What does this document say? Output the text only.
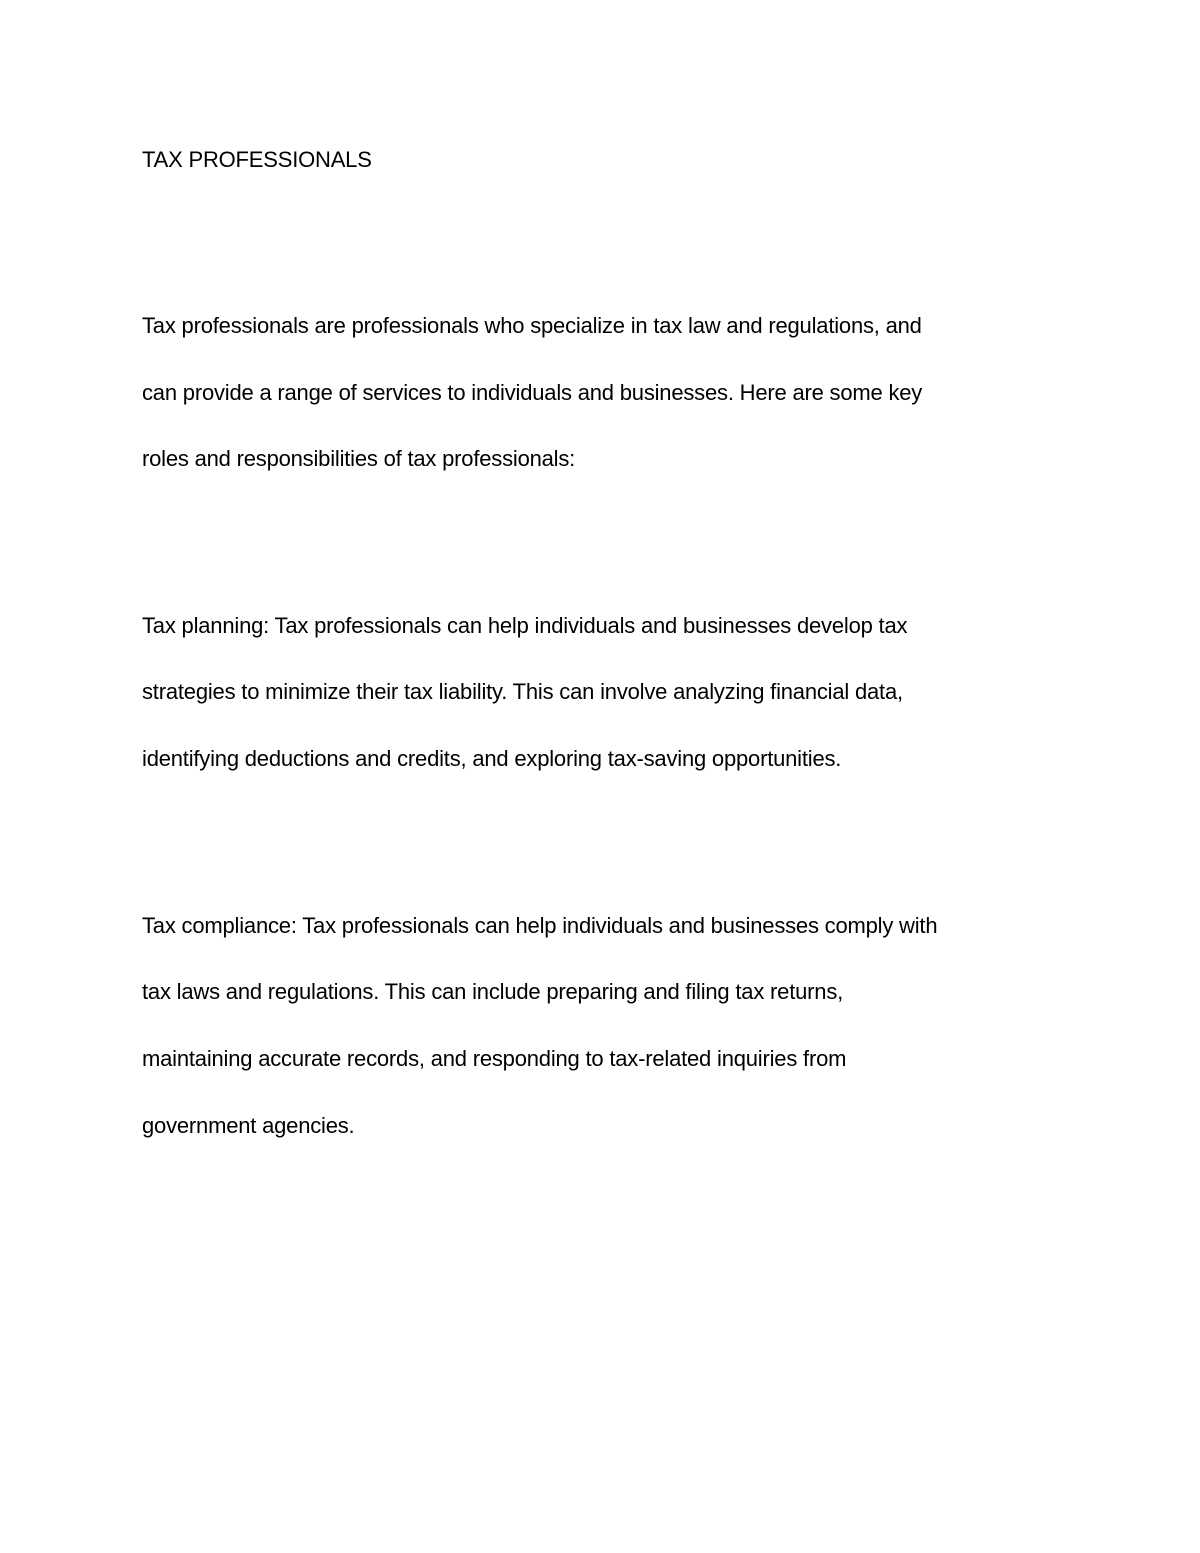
TAX PROFESSIONALS

Tax professionals are professionals who specialize in tax law and regulations, and

can provide a range of services to individuals and businesses. Here are some key

roles and responsibilities of tax professionals:

Tax planning: Tax professionals can help individuals and businesses develop tax

strategies to minimize their tax liability. This can involve analyzing financial data,

identifying deductions and credits, and exploring tax-saving opportunities.

Tax compliance: Tax professionals can help individuals and businesses comply with

tax laws and regulations. This can include preparing and filing tax returns,

maintaining accurate records, and responding to tax-related inquiries from

government agencies.
